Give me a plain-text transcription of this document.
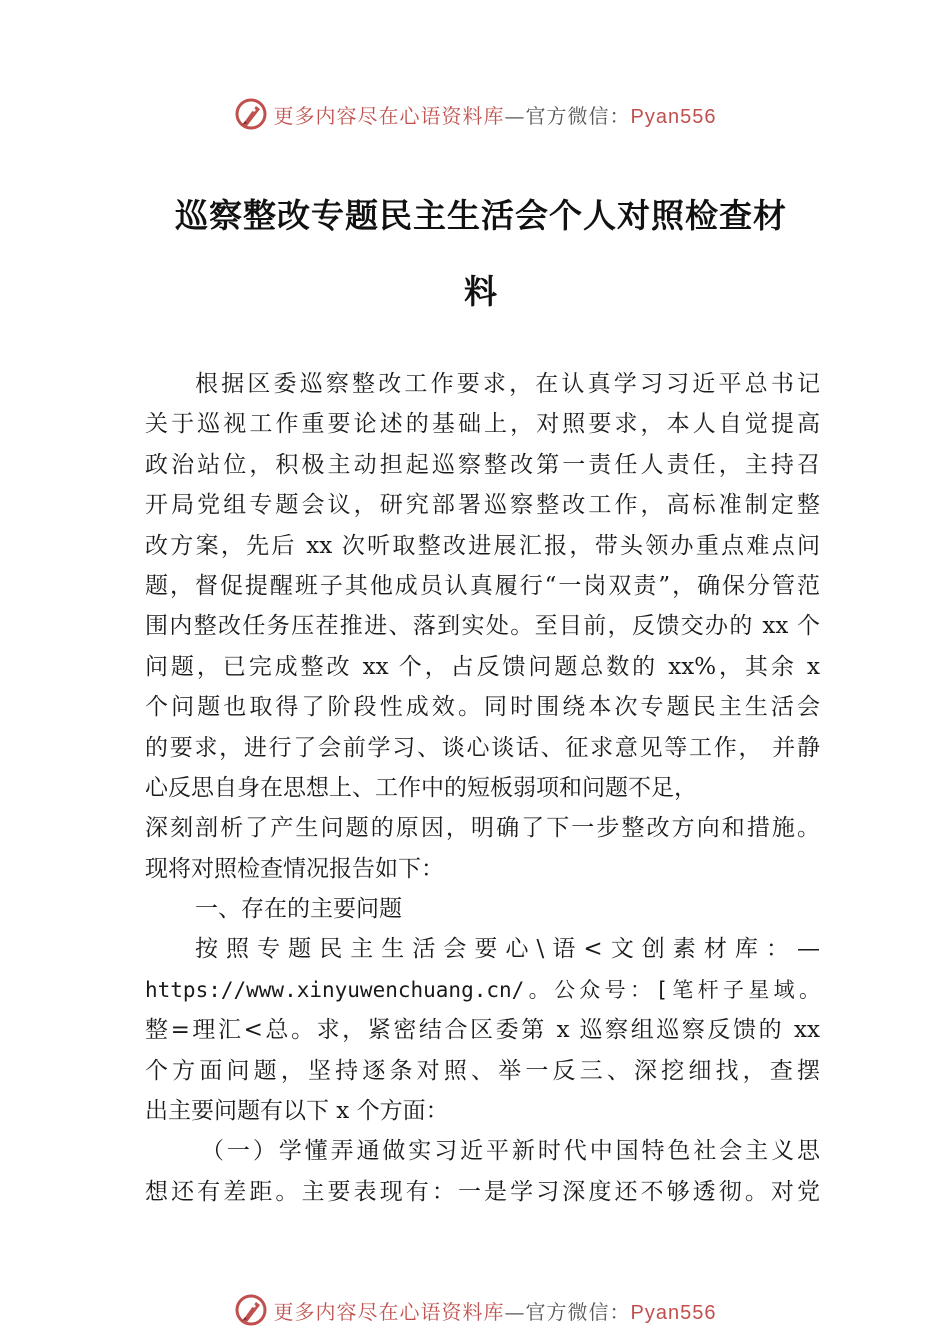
更多内容尽在心语资料库—官方微信：Pyan556
巡察整改专题民主生活会个人对照检查材
料
根据区委巡察整改工作要求，在认真学习习近平总书记
关于巡视工作重要论述的基础上，对照要求，本人自觉提高
政治站位，积极主动担起巡察整改第一责任人责任，主持召
开局党组专题会议，研究部署巡察整改工作，高标准制定整
改方案，先后 xx 次听取整改进展汇报，带头领办重点难点问
题，督促提醒班子其他成员认真履行“一岗双责”，确保分管范
围内整改任务压茬推进、落到实处。至目前，反馈交办的 xx 个
问题，已完成整改 xx 个，占反馈问题总数的 xx%，其余 x
个问题也取得了阶段性成效。同时围绕本次专题民主生活会
的要求，进行了会前学习、谈心谈话、征求意见等工作， 并静
心反思自身在思想上、工作中的短板弱项和问题不足，
深刻剖析了产生问题的原因，明确了下一步整改方向和措施。
现将对照检查情况报告如下：
一、存在的主要问题
按照专题民主生活会要心\语<文创素材库：—
https://www.xinyuwenchuang.cn/。公众号：[笔杆子星域。
整=理汇<总。求，紧密结合区委第 x 巡察组巡察反馈的 xx
个方面问题，坚持逐条对照、举一反三、深挖细找，查摆
出主要问题有以下 x 个方面：
（一）学懂弄通做实习近平新时代中国特色社会主义思
想还有差距。主要表现有：一是学习深度还不够透彻。对党
更多内容尽在心语资料库—官方微信：Pyan556
